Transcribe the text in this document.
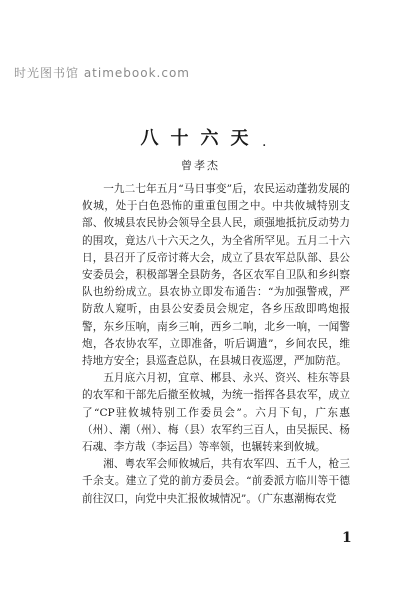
时光图书馆 atimebook.com
八十六天 .
曾孝杰

一九二七年五月“马日事变”后，农民运动蓬勃发展的攸城，处于白色恐怖的重重包围之中。中共攸城特别支部、攸城县农民协会领导全县人民，顽强地抵抗反动势力的围攻，竟达八十六天之久，为全省所罕见。五月二十六日，县召开了反帝讨蒋大会，成立了县农军总队部、县公安委员会，积极部署全县防务，各区农军自卫队和乡纠察队也纷纷成立。县农协立即发布通告：“为加强警戒，严防敌人窥听，由县公安委员会规定，各乡压敌即鸣炮报警，东乡压响，南乡三响，西乡二响，北乡一响，一闻警炮，各农协农军，立即准备，听后调遣”，乡间农民，维持地方安全；县巡查总队，在县城日夜巡逻，严加防范。

五月底六月初，宜章、郴县、永兴、资兴、桂东等县的农军和干部先后撤至攸城，为统一指挥各县农军，成立了“CP驻攸城特别工作委员会”。六月下旬，广东惠（州）、潮（州）、梅（县）农军约三百人，由吴振民、杨石魂、李方哉（李运昌）等率领，也辗转来到攸城。

湘、粤农军会师攸城后，共有农军四、五千人，枪三千余支。建立了党的前方委员会。“前委派方临川等干德前往汉口，向党中央汇报攸城情况”。（广东惠潮梅农党

1
